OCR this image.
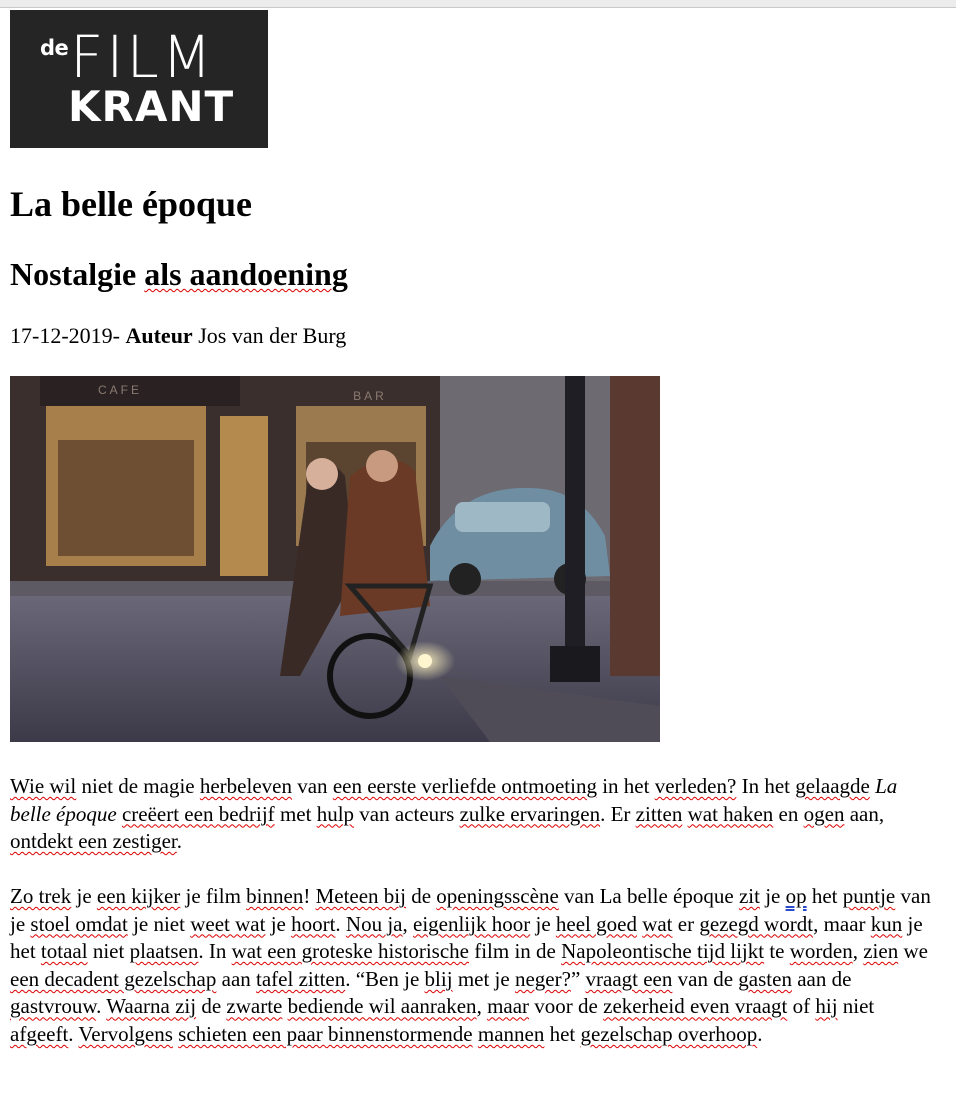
de FILM
KRANT
La belle époque
Nostalgie als aandoening
17-12-2019- Auteur Jos van der Burg
CAFE	BAR

Wie wil niet de magie herbeleven van een eerste verliefde ontmoeting in het verleden? In het gelaagde La belle époque creëert een bedrijf met hulp van acteurs zulke ervaringen. Er zitten wat haken en ogen aan, ontdekt een zestiger.

Zo trek je een kijker je film binnen! Meteen bij de openingsscène van La belle époque zit je op het puntje van je stoel omdat je niet weet wat je hoort. Nou ja, eigenlijk hoor je heel goed wat er gezegd wordt, maar kun je het totaal niet plaatsen. In wat een groteske historische film in de Napoleontische tijd lijkt te worden, zien we een decadent gezelschap aan tafel zitten. “Ben je blij met je neger?” vraagt een van de gasten aan de gastvrouw. Waarna zij de zwarte bediende wil aanraken, maar voor de zekerheid even vraagt of hij niet afgeeft. Vervolgens schieten een paar binnenstormende mannen het gezelschap overhoop.
